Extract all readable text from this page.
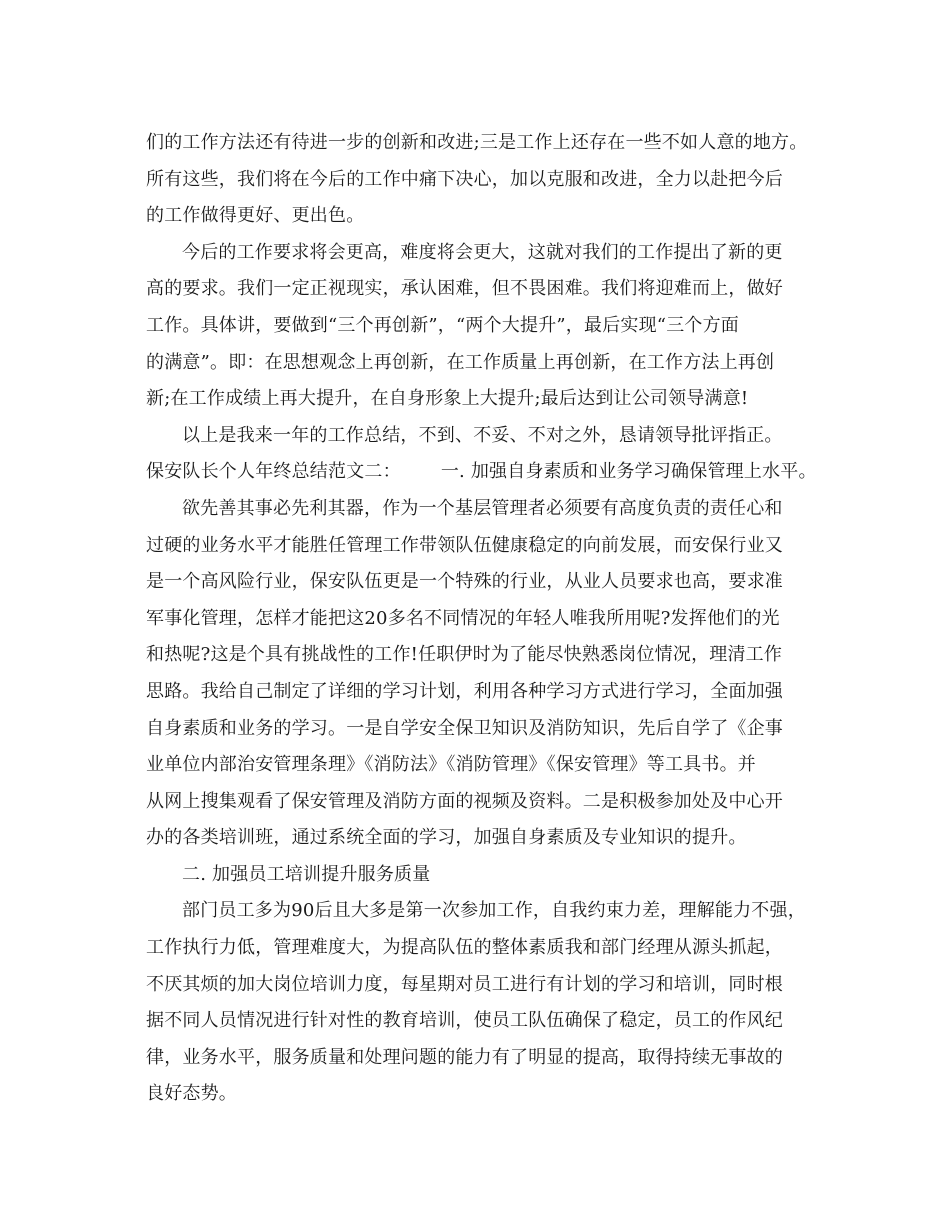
们的工作方法还有待进一步的创新和改进;三是工作上还存在一些不如人意的地方。
所有这些，我们将在今后的工作中痛下决心，加以克服和改进，全力以赴把今后
的工作做得更好、更出色。
今后的工作要求将会更高，难度将会更大，这就对我们的工作提出了新的更
高的要求。我们一定正视现实，承认困难，但不畏困难。我们将迎难而上，做好
工作。具体讲，要做到“三个再创新”，“两个大提升”，最后实现“三个方面
的满意”。即：在思想观念上再创新，在工作质量上再创新，在工作方法上再创
新;在工作成绩上再大提升，在自身形象上大提升;最后达到让公司领导满意!
以上是我来一年的工作总结，不到、不妥、不对之外，恳请领导批评指正。
保安队长个人年终总结范文二： 一. 加强自身素质和业务学习确保管理上水平。
欲先善其事必先利其器，作为一个基层管理者必须要有高度负责的责任心和
过硬的业务水平才能胜任管理工作带领队伍健康稳定的向前发展，而安保行业又
是一个高风险行业，保安队伍更是一个特殊的行业，从业人员要求也高，要求准
军事化管理，怎样才能把这20多名不同情况的年轻人唯我所用呢?发挥他们的光
和热呢?这是个具有挑战性的工作!任职伊时为了能尽快熟悉岗位情况，理清工作
思路。我给自己制定了详细的学习计划，利用各种学习方式进行学习，全面加强
自身素质和业务的学习。一是自学安全保卫知识及消防知识，先后自学了《企事
业单位内部治安管理条理》《消防法》《消防管理》《保安管理》等工具书。并
从网上搜集观看了保安管理及消防方面的视频及资料。二是积极参加处及中心开
办的各类培训班，通过系统全面的学习，加强自身素质及专业知识的提升。
二. 加强员工培训提升服务质量
部门员工多为90后且大多是第一次参加工作，自我约束力差，理解能力不强，
工作执行力低，管理难度大，为提高队伍的整体素质我和部门经理从源头抓起，
不厌其烦的加大岗位培训力度，每星期对员工进行有计划的学习和培训，同时根
据不同人员情况进行针对性的教育培训，使员工队伍确保了稳定，员工的作风纪
律，业务水平，服务质量和处理问题的能力有了明显的提高，取得持续无事故的
良好态势。
